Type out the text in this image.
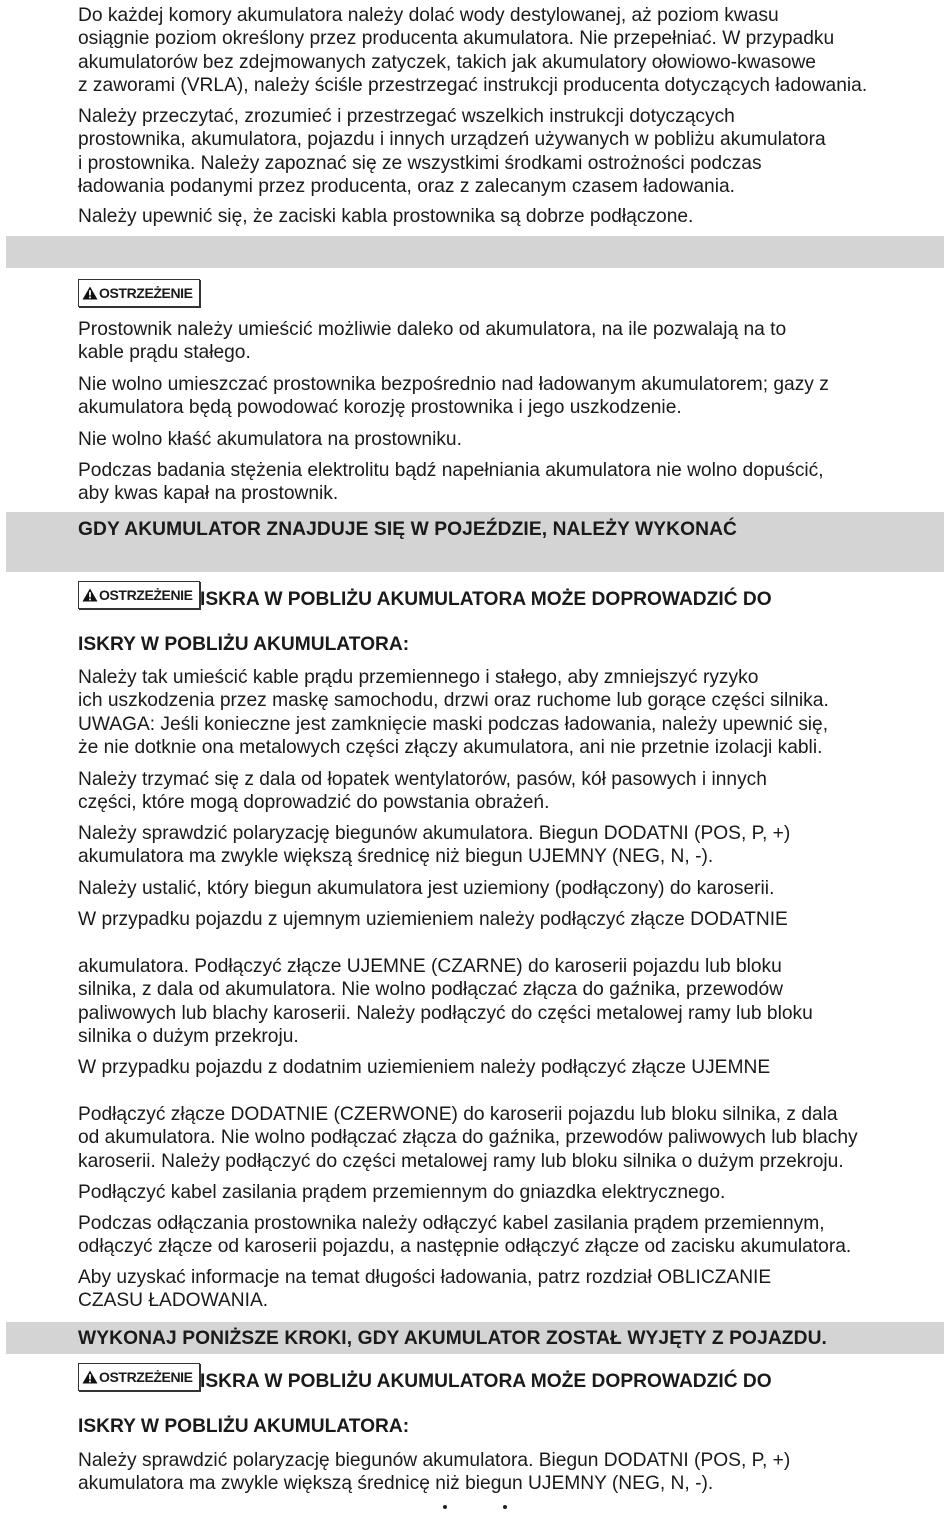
Do każdej komory akumulatora należy dolać wody destylowanej, aż poziom kwasu
osiągnie poziom określony przez producenta akumulatora. Nie przepełniać. W przypadku
akumulatorów bez zdejmowanych zatyczek, takich jak akumulatory ołowiowo-kwasowe
z zaworami (VRLA), należy ściśle przestrzegać instrukcji producenta dotyczących ładowania.
Należy przeczytać, zrozumieć i przestrzegać wszelkich instrukcji dotyczących
prostownika, akumulatora, pojazdu i innych urządzeń używanych w pobliżu akumulatora
i prostownika. Należy zapoznać się ze wszystkimi środkami ostrożności podczas
ładowania podanymi przez producenta, oraz z zalecanym czasem ładowania.
Należy upewnić się, że zaciski kabla prostownika są dobrze podłączone.
OSTRZEŻENIE
Prostownik należy umieścić możliwie daleko od akumulatora, na ile pozwalają na to
kable prądu stałego.
Nie wolno umieszczać prostownika bezpośrednio nad ładowanym akumulatorem; gazy z
akumulatora będą powodować korozję prostownika i jego uszkodzenie.
Nie wolno kłaść akumulatora na prostowniku.
Podczas badania stężenia elektrolitu bądź napełniania akumulatora nie wolno dopuścić,
aby kwas kapał na prostownik.
GDY AKUMULATOR ZNAJDUJE SIĘ W POJEŹDZIE, NALEŻY WYKONAĆ
OSTRZEŻENIE ISKRA W POBLIŻU AKUMULATORA MOŻE DOPROWADZIĆ DO
ISKRY W POBLIŻU AKUMULATORA:
Należy tak umieścić kable prądu przemiennego i stałego, aby zmniejszyć ryzyko
ich uszkodzenia przez maskę samochodu, drzwi oraz ruchome lub gorące części silnika.
UWAGA: Jeśli konieczne jest zamknięcie maski podczas ładowania, należy upewnić się,
że nie dotknie ona metalowych części złączy akumulatora, ani nie przetnie izolacji kabli.
Należy trzymać się z dala od łopatek wentylatorów, pasów, kół pasowych i innych
części, które mogą doprowadzić do powstania obrażeń.
Należy sprawdzić polaryzację biegunów akumulatora. Biegun DODATNI (POS, P, +)
akumulatora ma zwykle większą średnicę niż biegun UJEMNY (NEG, N, -).
Należy ustalić, który biegun akumulatora jest uziemiony (podłączony) do karoserii.
W przypadku pojazdu z ujemnym uziemieniem należy podłączyć złącze DODATNIE
akumulatora. Podłączyć złącze UJEMNE (CZARNE) do karoserii pojazdu lub bloku
silnika, z dala od akumulatora. Nie wolno podłączać złącza do gaźnika, przewodów
paliwowych lub blachy karoserii. Należy podłączyć do części metalowej ramy lub bloku
silnika o dużym przekroju.
W przypadku pojazdu z dodatnim uziemieniem należy podłączyć złącze UJEMNE
Podłączyć złącze DODATNIE (CZERWONE) do karoserii pojazdu lub bloku silnika, z dala
od akumulatora. Nie wolno podłączać złącza do gaźnika, przewodów paliwowych lub blachy
karoserii. Należy podłączyć do części metalowej ramy lub bloku silnika o dużym przekroju.
Podłączyć kabel zasilania prądem przemiennym do gniazdka elektrycznego.
Podczas odłączania prostownika należy odłączyć kabel zasilania prądem przemiennym,
odłączyć złącze od karoserii pojazdu, a następnie odłączyć złącze od zacisku akumulatora.
Aby uzyskać informacje na temat długości ładowania, patrz rozdział OBLICZANIE
CZASU ŁADOWANIA.
WYKONAJ PONIŻSZE KROKI, GDY AKUMULATOR ZOSTAŁ WYJĘTY Z POJAZDU.
OSTRZEŻENIE ISKRA W POBLIŻU AKUMULATORA MOŻE DOPROWADZIĆ DO
ISKRY W POBLIŻU AKUMULATORA:
Należy sprawdzić polaryzację biegunów akumulatora. Biegun DODATNI (POS, P, +)
akumulatora ma zwykle większą średnicę niż biegun UJEMNY (NEG, N, -).
